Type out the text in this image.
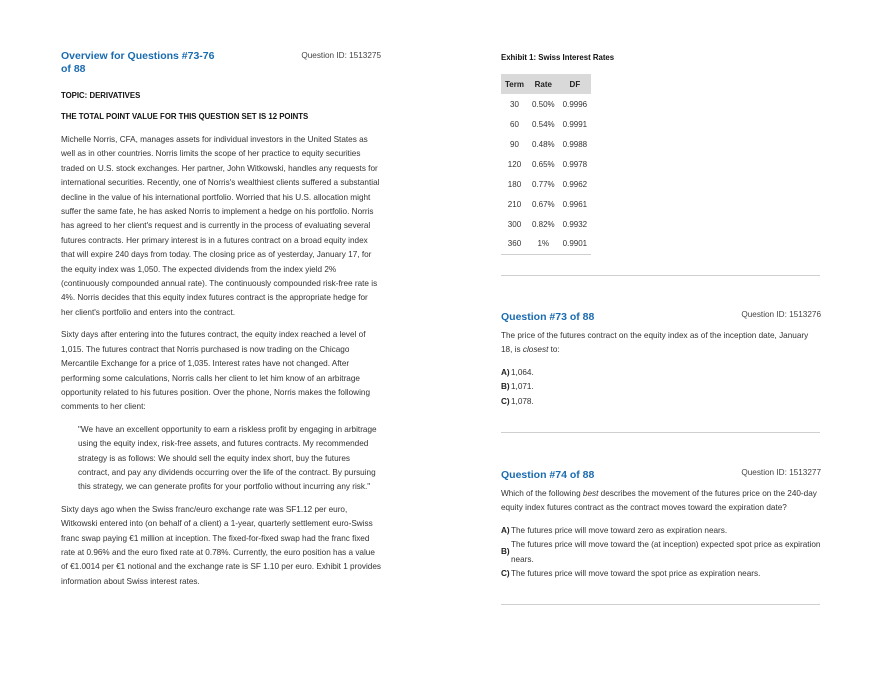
Overview for Questions #73-76 of 88
Question ID: 1513275
TOPIC: DERIVATIVES
THE TOTAL POINT VALUE FOR THIS QUESTION SET IS 12 POINTS

Michelle Norris, CFA, manages assets for individual investors in the United States as well as in other countries. Norris limits the scope of her practice to equity securities traded on U.S. stock exchanges. Her partner, John Witkowski, handles any requests for international securities. Recently, one of Norris's wealthiest clients suffered a substantial decline in the value of his international portfolio. Worried that his U.S. allocation might suffer the same fate, he has asked Norris to implement a hedge on his portfolio. Norris has agreed to her client's request and is currently in the process of evaluating several futures contracts. Her primary interest is in a futures contract on a broad equity index that will expire 240 days from today. The closing price as of yesterday, January 17, for the equity index was 1,050. The expected dividends from the index yield 2% (continuously compounded annual rate). The continuously compounded risk-free rate is 4%. Norris decides that this equity index futures contract is the appropriate hedge for her client's portfolio and enters into the contract.

Sixty days after entering into the futures contract, the equity index reached a level of 1,015. The futures contract that Norris purchased is now trading on the Chicago Mercantile Exchange for a price of 1,035. Interest rates have not changed. After performing some calculations, Norris calls her client to let him know of an arbitrage opportunity related to his futures position. Over the phone, Norris makes the following comments to her client:

"We have an excellent opportunity to earn a riskless profit by engaging in arbitrage using the equity index, risk-free assets, and futures contracts. My recommended strategy is as follows: We should sell the equity index short, buy the futures contract, and pay any dividends occurring over the life of the contract. By pursuing this strategy, we can generate profits for your portfolio without incurring any risk."

Sixty days ago when the Swiss franc/euro exchange rate was SF1.12 per euro, Witkowski entered into (on behalf of a client) a 1-year, quarterly settlement euro-Swiss franc swap paying €1 million at inception. The fixed-for-fixed swap had the franc fixed rate at 0.96% and the euro fixed rate at 0.78%. Currently, the euro position has a value of €1.0014 per €1 notional and the exchange rate is SF 1.10 per euro. Exhibit 1 provides information about Swiss interest rates.

Exhibit 1: Swiss Interest Rates
Term	Rate	DF
30	0.50%	0.9996
60	0.54%	0.9991
90	0.48%	0.9988
120	0.65%	0.9978
180	0.77%	0.9962
210	0.67%	0.9961
300	0.82%	0.9932
360	1%	0.9901
Question #73 of 88	Question ID: 1513276
The price of the futures contract on the equity index as of the inception date, January 18, is closest to:
A) 1,064.
B) 1,071.
C) 1,078.
Question #74 of 88	Question ID: 1513277
Which of the following best describes the movement of the futures price on the 240-day equity index futures contract as the contract moves toward the expiration date?
A) The futures price will move toward zero as expiration nears.
B)
The futures price will move toward the (at inception) expected spot price as expiration nears.
C) The futures price will move toward the spot price as expiration nears.
